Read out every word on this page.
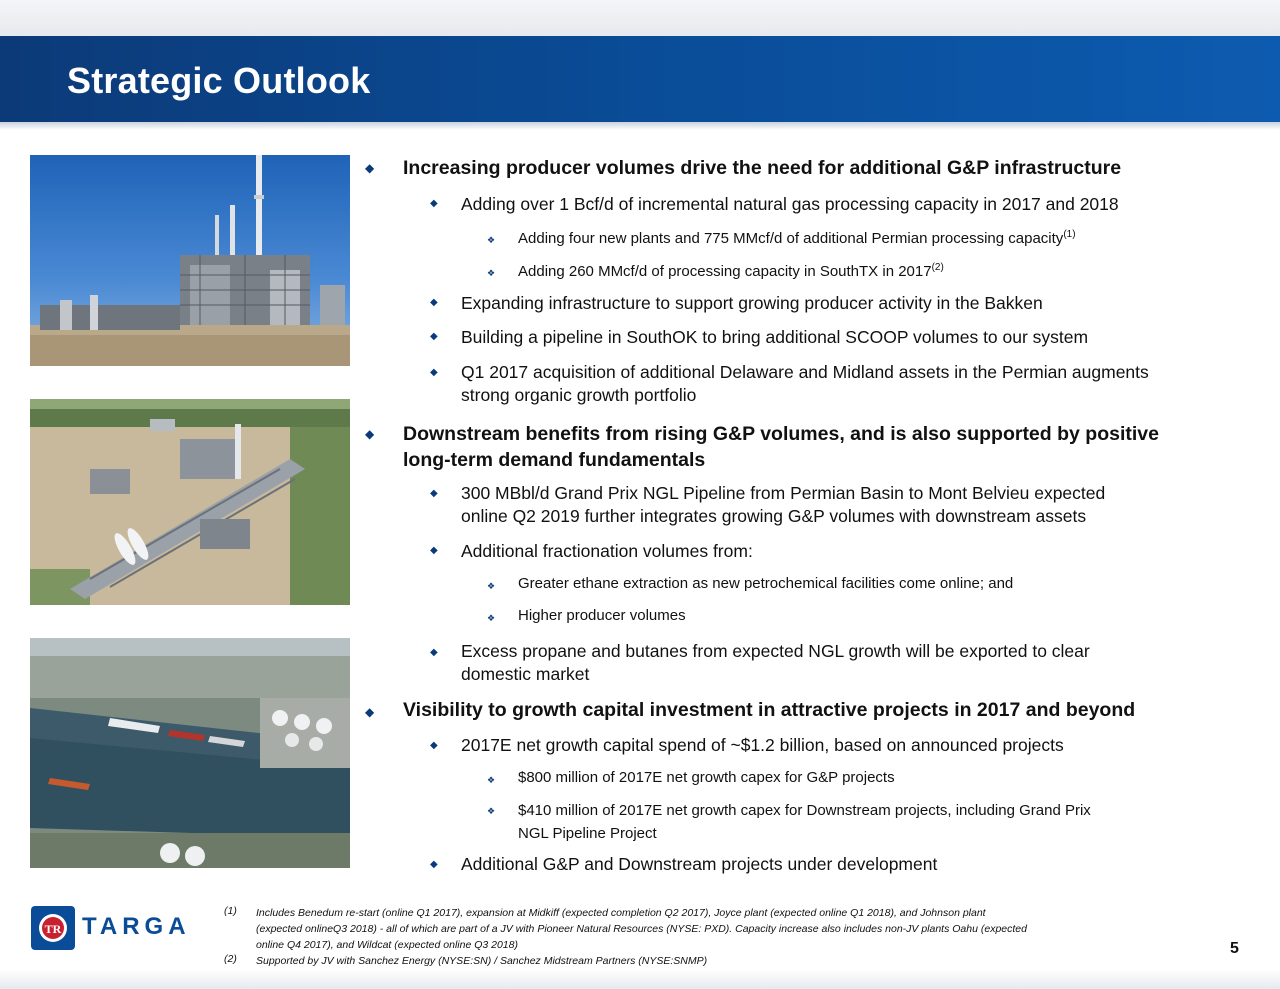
Strategic Outlook
◆ Increasing producer volumes drive the need for additional G&P infrastructure
◆ Adding over 1 Bcf/d of incremental natural gas processing capacity in 2017 and 2018
❖ Adding four new plants and 775 MMcf/d of additional Permian processing capacity$^{(1)}$
❖ Adding 260 MMcf/d of processing capacity in SouthTX in 2017$^{(2)}$
◆ Expanding infrastructure to support growing producer activity in the Bakken
◆ Building a pipeline in SouthOK to bring additional SCOOP volumes to our system
◆ Q1 2017 acquisition of additional Delaware and Midland assets in the Permian augments
strong organic growth portfolio
◆ Downstream benefits from rising G&P volumes, and is also supported by positive
long-term demand fundamentals
◆ 300 MBbl/d Grand Prix NGL Pipeline from Permian Basin to Mont Belvieu expected
online Q2 2019 further integrates growing G&P volumes with downstream assets
◆ Additional fractionation volumes from:
❖ Greater ethane extraction as new petrochemical facilities come online; and
❖ Higher producer volumes
◆ Excess propane and butanes from expected NGL growth will be exported to clear
domestic market
◆ Visibility to growth capital investment in attractive projects in 2017 and beyond
◆ 2017E net growth capital spend of ~$1.2 billion, based on announced projects
❖ $800 million of 2017E net growth capex for G&P projects
❖ $410 million of 2017E net growth capex for Downstream projects, including Grand Prix
NGL Pipeline Project
◆ Additional G&P and Downstream projects under development
TR TARGA
(1) Includes Benedum re-start (online Q1 2017), expansion at Midkiff (expected completion Q2 2017), Joyce plant (expected online Q1 2018), and Johnson plant
(expected onlineQ3 2018) - all of which are part of a JV with Pioneer Natural Resources (NYSE: PXD). Capacity increase also includes non-JV plants Oahu (expected
online Q4 2017), and Wildcat (expected online Q3 2018)
(2) Supported by JV with Sanchez Energy (NYSE:SN) / Sanchez Midstream Partners (NYSE:SNMP)
5
